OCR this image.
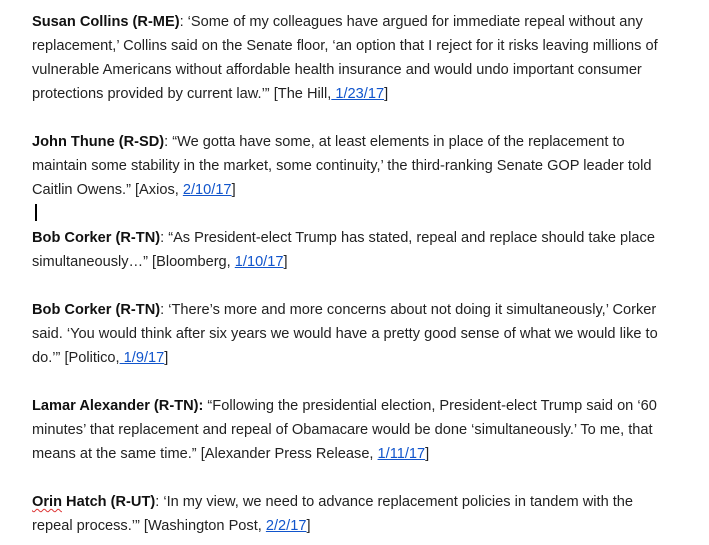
Susan Collins (R-ME): ‘Some of my colleagues have argued for immediate repeal without any replacement,’ Collins said on the Senate floor, ‘an option that I reject for it risks leaving millions of vulnerable Americans without affordable health insurance and would undo important consumer protections provided by current law.’” [The Hill, 1/23/17]

John Thune (R-SD): “We gotta have some, at least elements in place of the replacement to maintain some stability in the market, some continuity,’ the third-ranking Senate GOP leader told Caitlin Owens.” [Axios, 2/10/17]

Bob Corker (R-TN): “As President-elect Trump has stated, repeal and replace should take place simultaneously…” [Bloomberg, 1/10/17]

Bob Corker (R-TN): ‘There’s more and more concerns about not doing it simultaneously,’ Corker said. ‘You would think after six years we would have a pretty good sense of what we would like to do.’” [Politico, 1/9/17]

Lamar Alexander (R-TN): “Following the presidential election, President-elect Trump said on ‘60 minutes’ that replacement and repeal of Obamacare would be done ‘simultaneously.’ To me, that means at the same time.” [Alexander Press Release, 1/11/17]

Orin Hatch (R-UT): ‘In my view, we need to advance replacement policies in tandem with the repeal process.’” [Washington Post, 2/2/17]
